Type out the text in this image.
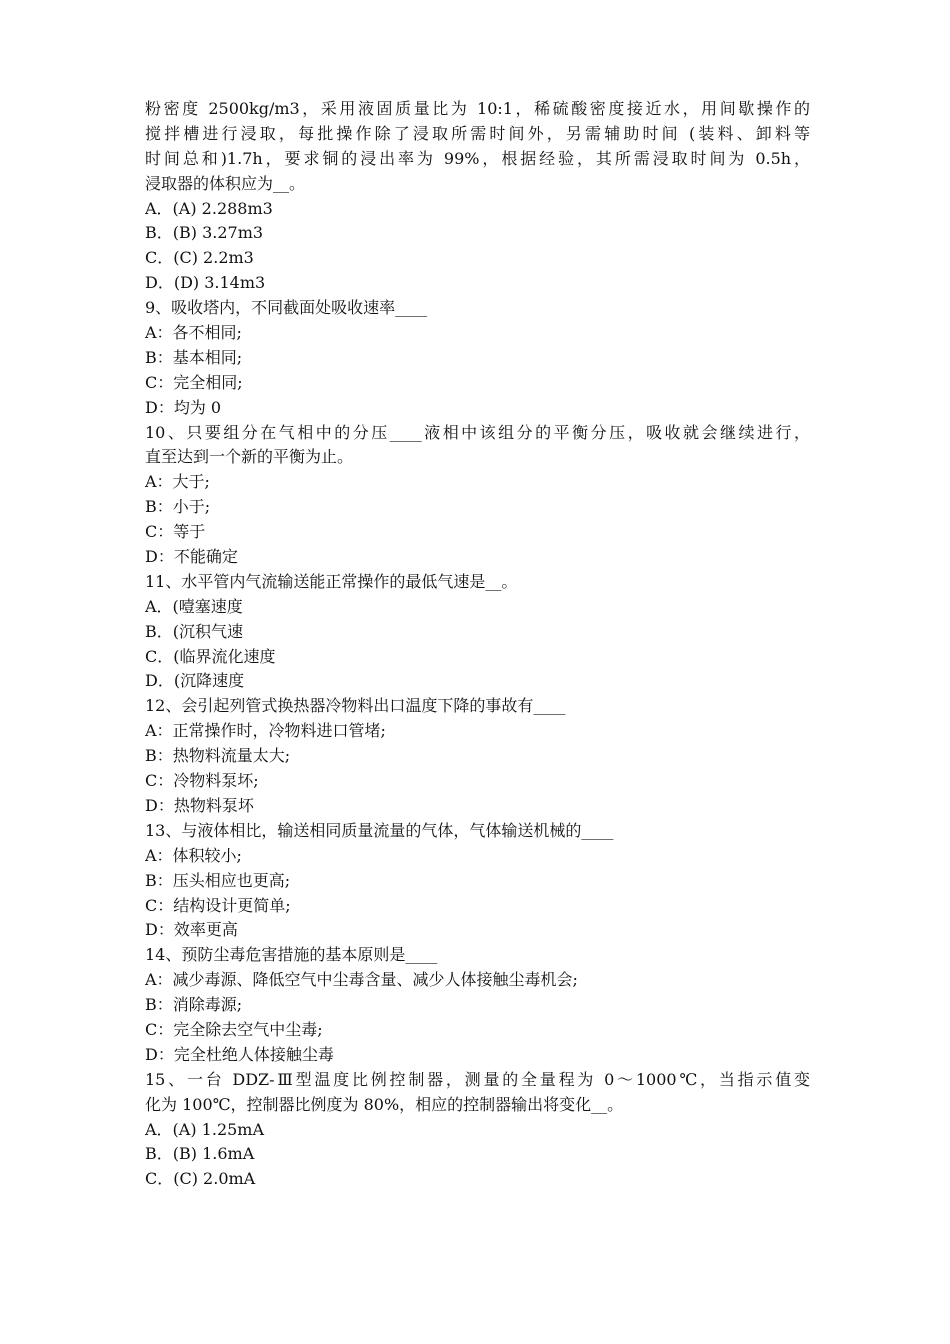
粉密度 2500kg/m3，采用液固质量比为 10:1，稀硫酸密度接近水，用间歇操作的
搅拌槽进行浸取，每批操作除了浸取所需时间外，另需辅助时间 (装料、卸料等
时间总和)1.7h，要求铜的浸出率为 99%，根据经验，其所需浸取时间为 0.5h，
浸取器的体积应为__。
A．(A) 2.288m3
B．(B) 3.27m3
C．(C) 2.2m3
D．(D) 3.14m3
9、吸收塔内，不同截面处吸收速率____
A：各不相同;
B：基本相同;
C：完全相同;
D：均为 0
10、只要组分在气相中的分压____液相中该组分的平衡分压，吸收就会继续进行，
直至达到一个新的平衡为止。
A：大于;
B：小于;
C：等于
D：不能确定
11、水平管内气流输送能正常操作的最低气速是__。
A．(噎塞速度
B．(沉积气速
C．(临界流化速度
D．(沉降速度
12、会引起列管式换热器冷物料出口温度下降的事故有____
A：正常操作时，冷物料进口管堵;
B：热物料流量太大;
C：冷物料泵坏;
D：热物料泵坏
13、与液体相比，输送相同质量流量的气体，气体输送机械的____
A：体积较小;
B：压头相应也更高;
C：结构设计更简单;
D：效率更高
14、预防尘毒危害措施的基本原则是____
A：减少毒源、降低空气中尘毒含量、减少人体接触尘毒机会;
B：消除毒源;
C：完全除去空气中尘毒;
D：完全杜绝人体接触尘毒
15、一台 DDZ-Ⅲ型温度比例控制器，测量的全量程为 0～1000℃，当指示值变
化为 100℃，控制器比例度为 80%，相应的控制器输出将变化__。
A．(A) 1.25mA
B．(B) 1.6mA
C．(C) 2.0mA
